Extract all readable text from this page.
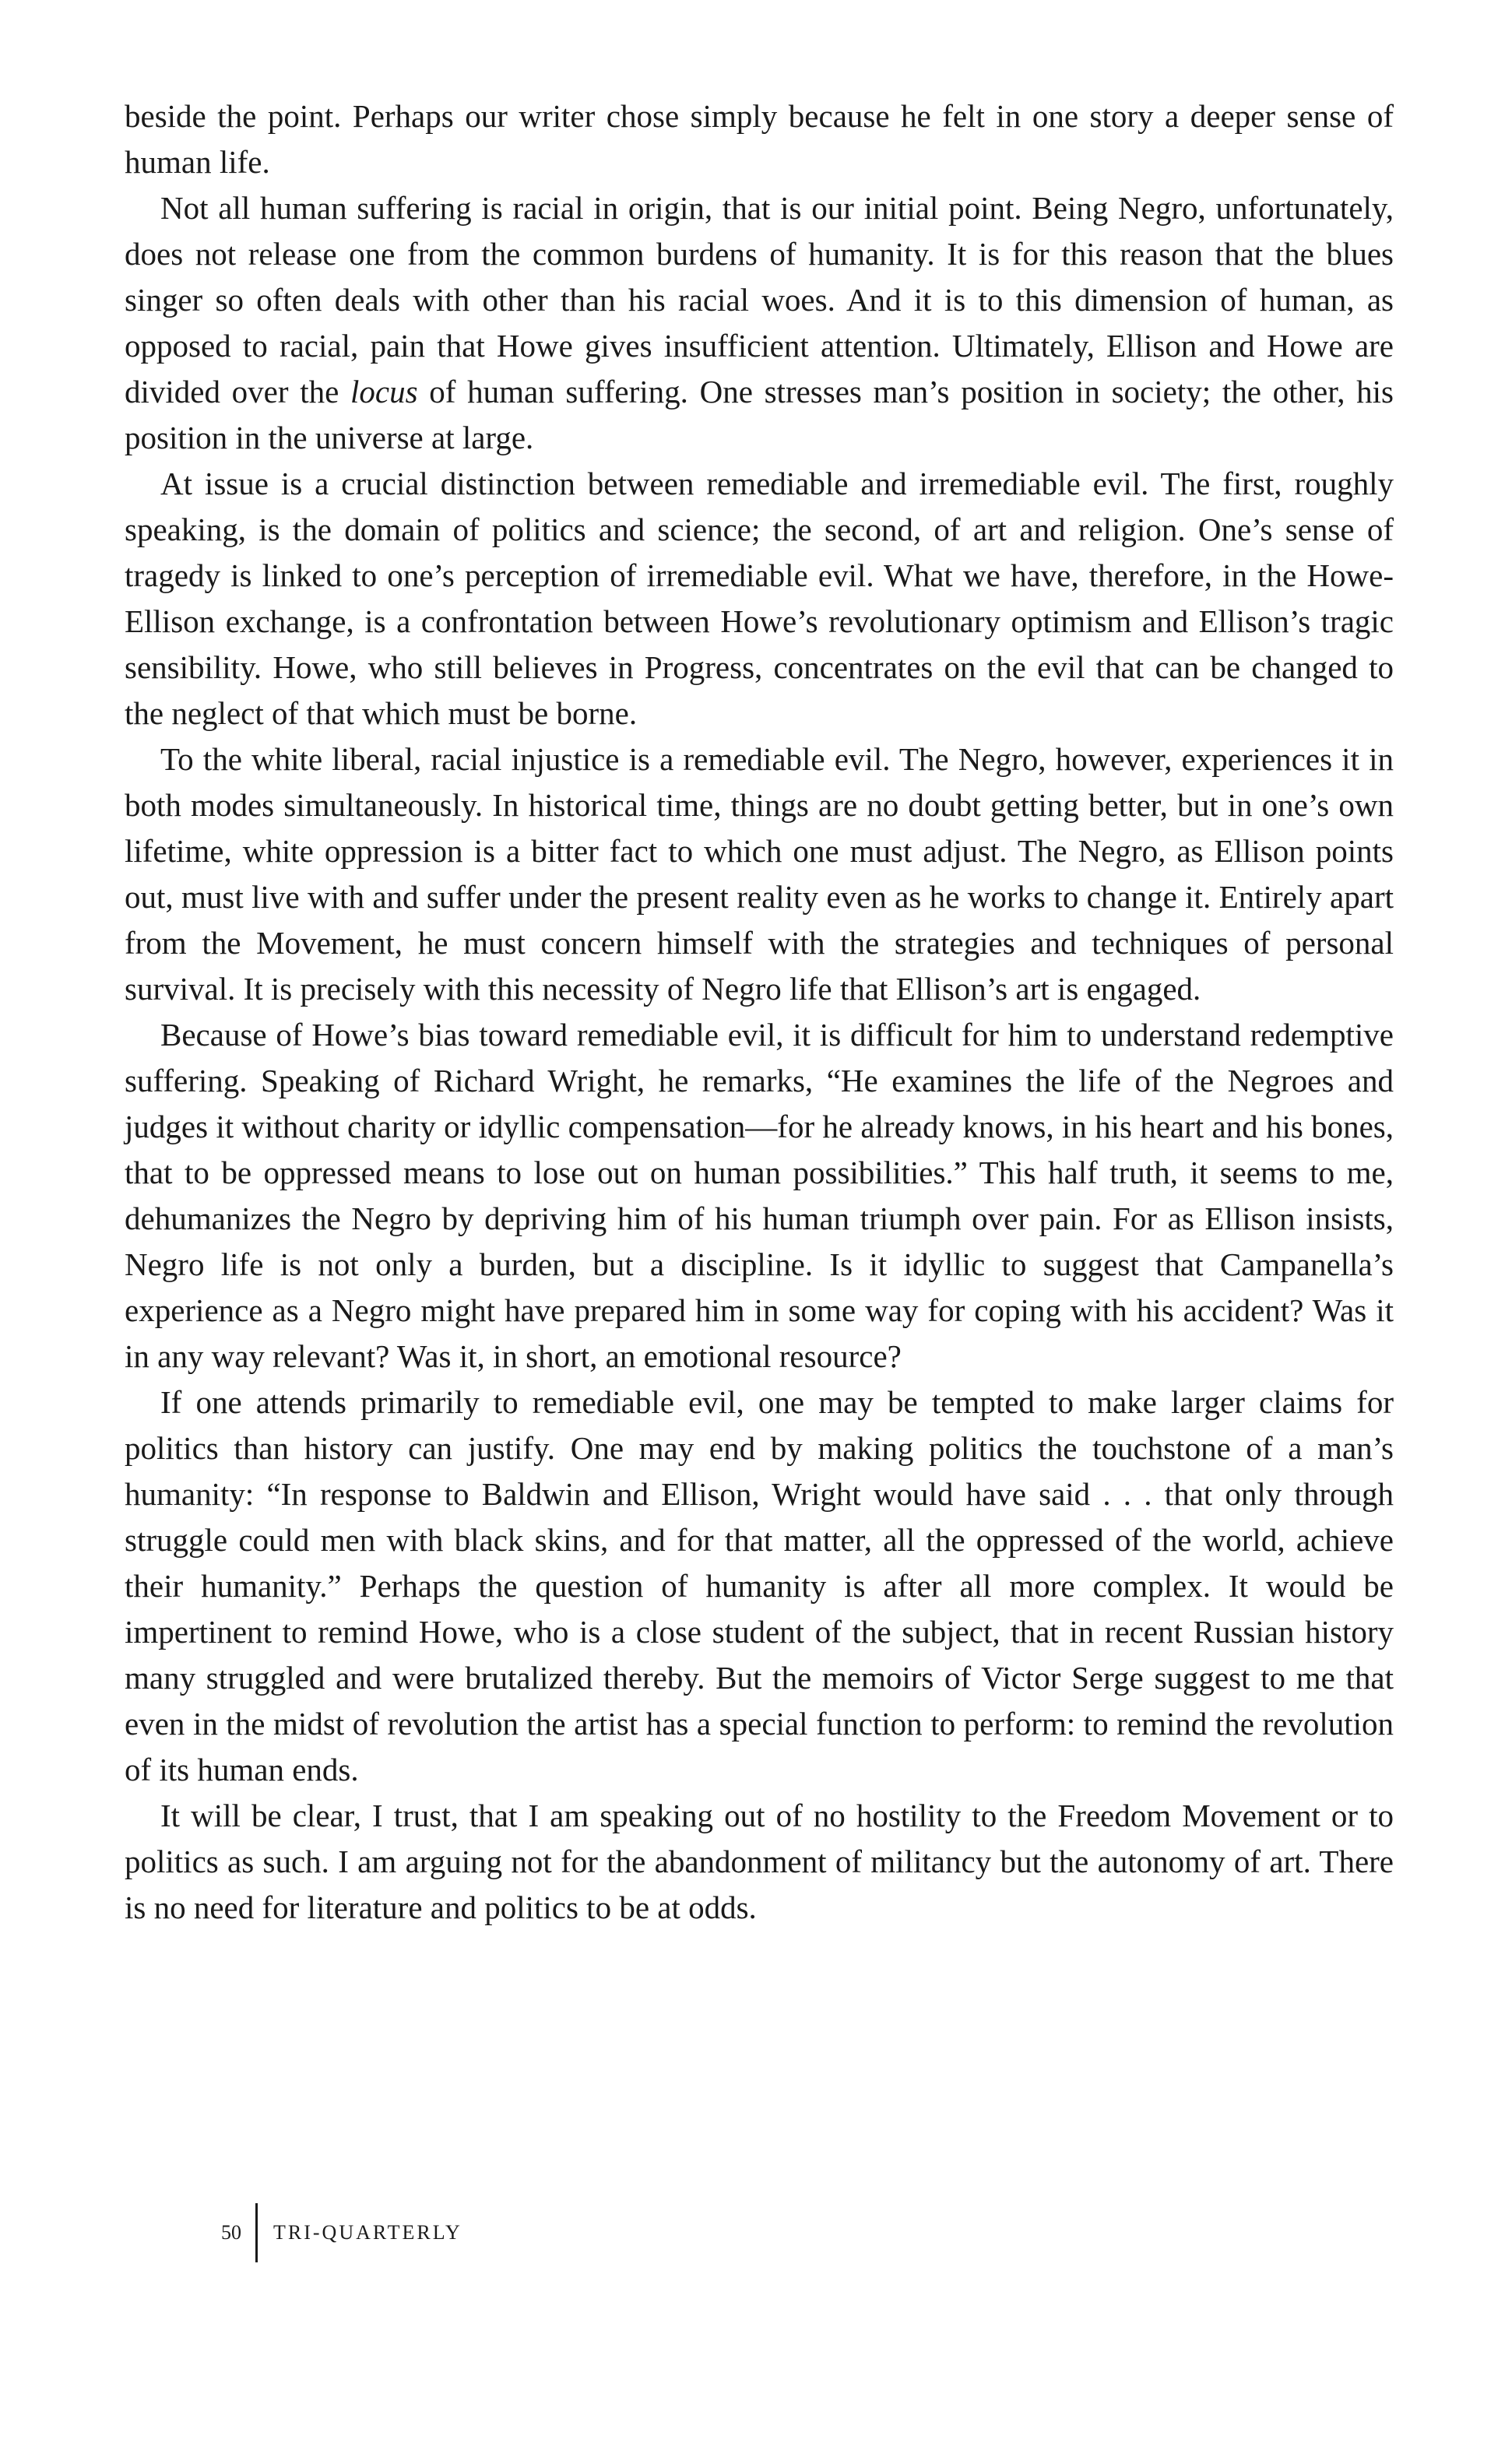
beside the point. Perhaps our writer chose simply because he felt in one story a deeper sense of human life.

Not all human suffering is racial in origin, that is our initial point. Being Negro, unfortunately, does not release one from the common burdens of humanity. It is for this reason that the blues singer so often deals with other than his racial woes. And it is to this dimension of human, as opposed to racial, pain that Howe gives insufficient attention. Ultimately, Ellison and Howe are divided over the locus of human suffering. One stresses man’s position in society; the other, his position in the universe at large.

At issue is a crucial distinction between remediable and irremediable evil. The first, roughly speaking, is the domain of politics and science; the second, of art and religion. One’s sense of tragedy is linked to one’s perception of irremediable evil. What we have, therefore, in the Howe-Ellison exchange, is a confrontation between Howe’s revolutionary optimism and Ellison’s tragic sensibility. Howe, who still believes in Progress, concentrates on the evil that can be changed to the neglect of that which must be borne.

To the white liberal, racial injustice is a remediable evil. The Negro, however, experiences it in both modes simultaneously. In historical time, things are no doubt getting better, but in one’s own lifetime, white oppression is a bitter fact to which one must adjust. The Negro, as Ellison points out, must live with and suffer under the present reality even as he works to change it. Entirely apart from the Movement, he must concern himself with the strategies and techniques of personal survival. It is precisely with this necessity of Negro life that Ellison’s art is engaged.

Because of Howe’s bias toward remediable evil, it is difficult for him to understand redemptive suffering. Speaking of Richard Wright, he remarks, “He examines the life of the Negroes and judges it without charity or idyllic compensation—for he already knows, in his heart and his bones, that to be oppressed means to lose out on human possibilities.” This half truth, it seems to me, dehumanizes the Negro by depriving him of his human triumph over pain. For as Ellison insists, Negro life is not only a burden, but a discipline. Is it idyllic to suggest that Campanella’s experience as a Negro might have prepared him in some way for coping with his accident? Was it in any way relevant? Was it, in short, an emotional resource?

If one attends primarily to remediable evil, one may be tempted to make larger claims for politics than history can justify. One may end by making politics the touchstone of a man’s humanity: “In response to Baldwin and Ellison, Wright would have said . . . that only through struggle could men with black skins, and for that matter, all the oppressed of the world, achieve their humanity.” Perhaps the question of humanity is after all more complex. It would be impertinent to remind Howe, who is a close student of the subject, that in recent Russian history many struggled and were brutalized thereby. But the memoirs of Victor Serge suggest to me that even in the midst of revolution the artist has a special function to perform: to remind the revolution of its human ends.

It will be clear, I trust, that I am speaking out of no hostility to the Freedom Movement or to politics as such. I am arguing not for the abandonment of militancy but the autonomy of art. There is no need for literature and politics to be at odds.

50	TRI-QUARTERLY
